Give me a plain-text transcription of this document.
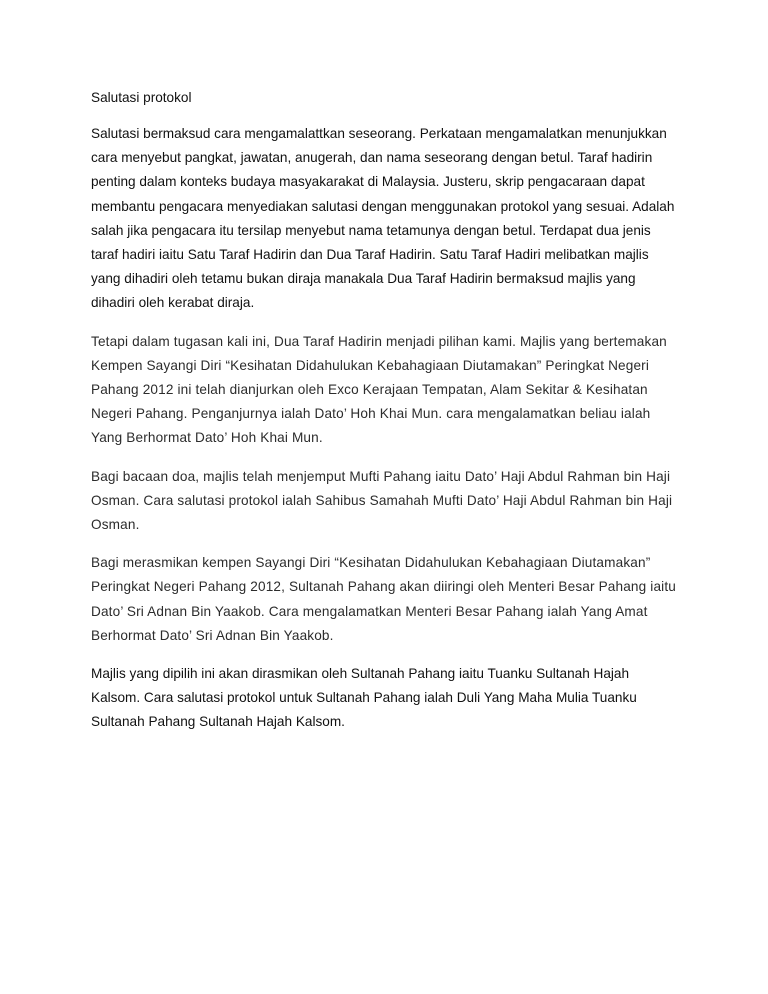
Salutasi protokol

Salutasi bermaksud cara mengamalattkan seseorang. Perkataan mengamalatkan menunjukkan cara menyebut pangkat, jawatan, anugerah, dan nama seseorang dengan betul. Taraf hadirin penting dalam konteks budaya masyakarakat di Malaysia. Justeru, skrip pengacaraan dapat membantu pengacara menyediakan salutasi dengan menggunakan protokol yang sesuai. Adalah salah jika pengacara itu tersilap menyebut nama tetamunya dengan betul. Terdapat dua jenis taraf hadiri iaitu Satu Taraf Hadirin dan Dua Taraf Hadirin. Satu Taraf Hadiri melibatkan majlis yang dihadiri oleh tetamu bukan diraja manakala Dua Taraf Hadirin bermaksud majlis yang dihadiri oleh kerabat diraja.

Tetapi dalam tugasan kali ini, Dua Taraf Hadirin menjadi pilihan kami. Majlis yang bertemakan Kempen Sayangi Diri “Kesihatan Didahulukan Kebahagiaan Diutamakan” Peringkat Negeri Pahang 2012 ini telah dianjurkan oleh Exco Kerajaan Tempatan, Alam Sekitar & Kesihatan Negeri Pahang. Penganjurnya ialah Dato’ Hoh Khai Mun. cara mengalamatkan beliau ialah Yang Berhormat Dato’ Hoh Khai Mun.

Bagi bacaan doa, majlis telah menjemput Mufti Pahang iaitu Dato’ Haji Abdul Rahman bin Haji Osman. Cara salutasi protokol ialah Sahibus Samahah Mufti Dato’ Haji Abdul Rahman bin Haji Osman.

Bagi merasmikan kempen Sayangi Diri “Kesihatan Didahulukan Kebahagiaan Diutamakan” Peringkat Negeri Pahang 2012, Sultanah Pahang akan diiringi oleh Menteri Besar Pahang iaitu Dato’ Sri Adnan Bin Yaakob. Cara mengalamatkan Menteri Besar Pahang ialah Yang Amat Berhormat Dato’ Sri Adnan Bin Yaakob.

Majlis yang dipilih ini akan dirasmikan oleh Sultanah Pahang iaitu Tuanku Sultanah Hajah Kalsom. Cara salutasi protokol untuk Sultanah Pahang ialah Duli Yang Maha Mulia Tuanku Sultanah Pahang Sultanah Hajah Kalsom.
